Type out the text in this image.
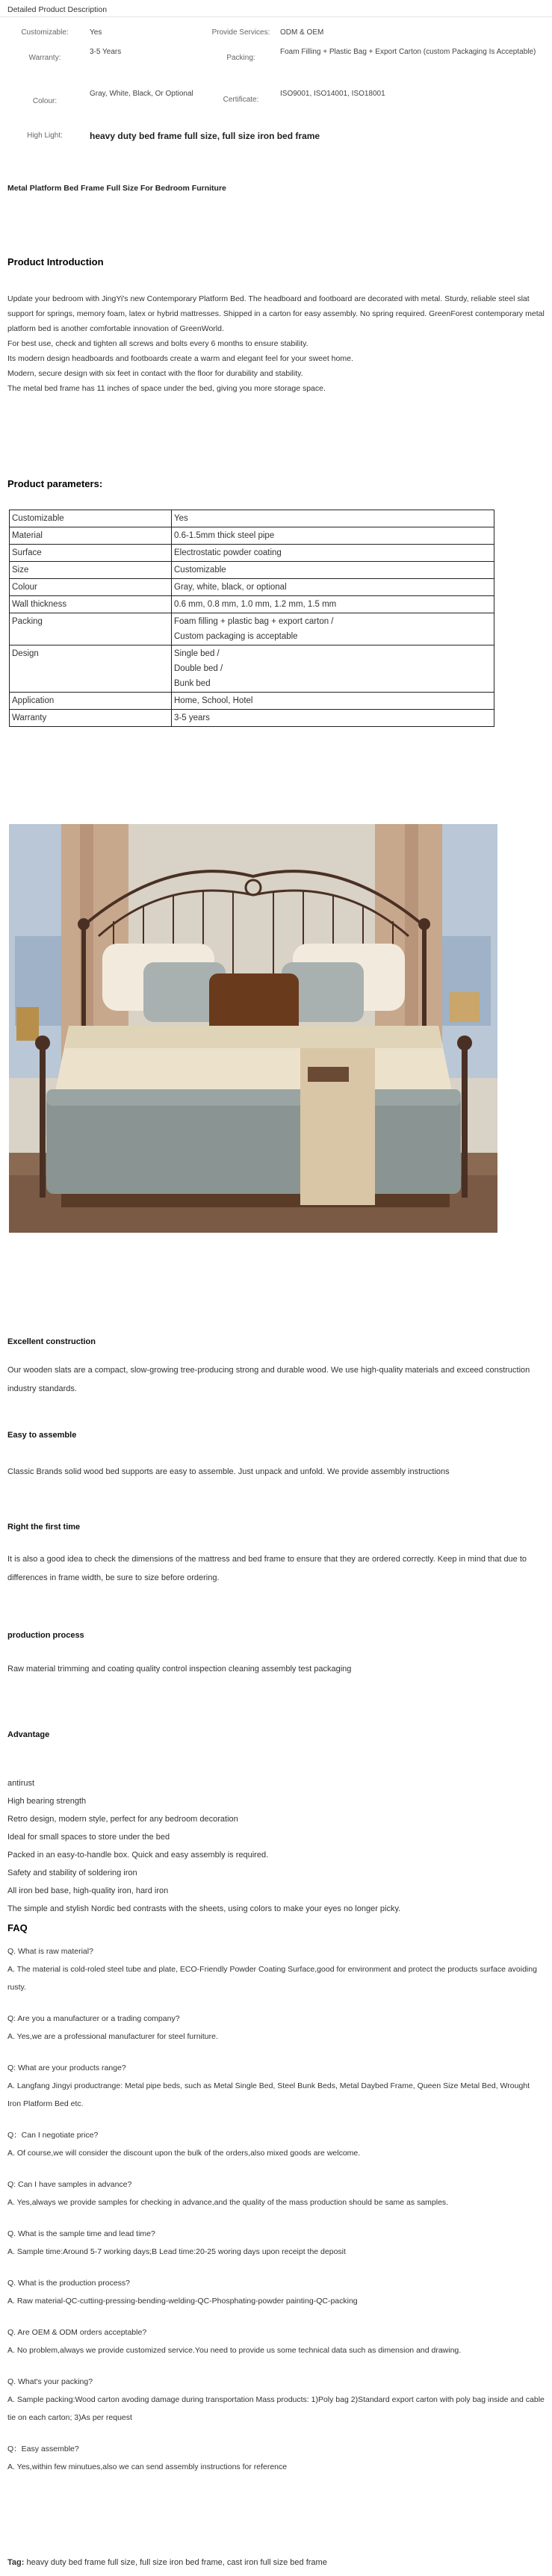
Detailed Product Description
Customizable:	Yes	Provide Services:	ODM & OEM
Warranty:	3-5 Years	Packing:	Foam Filling + Plastic Bag + Export Carton (custom Packaging Is Acceptable)
Colour:	Gray, White, Black, Or Optional	Certificate:	ISO9001, ISO14001, ISO18001
High Light:	heavy duty bed frame full size, full size iron bed frame		
Metal Platform Bed Frame Full Size For Bedroom Furniture
Product Introduction

Update your bedroom with JingYi's new Contemporary Platform Bed. The headboard and footboard are decorated with metal. Sturdy, reliable steel slat support for springs, memory foam, latex or hybrid mattresses. Shipped in a carton for easy assembly. No spring required. GreenForest contemporary metal platform bed is another comfortable innovation of GreenWorld.

For best use, check and tighten all screws and bolts every 6 months to ensure stability.

Its modern design headboards and footboards create a warm and elegant feel for your sweet home.

Modern, secure design with six feet in contact with the floor for durability and stability.

The metal bed frame has 11 inches of space under the bed, giving you more storage space.

Product parameters:
Customizable	Yes
Material	0.6-1.5mm thick steel pipe
Surface	Electrostatic powder coating
Size	Customizable
Colour	Gray, white, black, or optional
Wall thickness	0.6 mm, 0.8 mm, 1.0 mm, 1.2 mm, 1.5 mm
Packing	Foam filling + plastic bag + export carton /
Custom packaging is acceptable

Design	Single bed /
Double bed /
Bunk bed

Application	Home, School, Hotel
Warranty	3-5 years
Excellent construction
Our wooden slats are a compact, slow-growing tree-producing strong and durable wood. We use high-quality materials and exceed construction industry standards.
Easy to assemble
Classic Brands solid wood bed supports are easy to assemble. Just unpack and unfold. We provide assembly instructions
Right the first time
It is also a good idea to check the dimensions of the mattress and bed frame to ensure that they are ordered correctly. Keep in mind that due to differences in frame width, be sure to size before ordering.
production process
Raw material trimming and coating quality control inspection cleaning assembly test packaging
Advantage
antirust
High bearing strength
Retro design, modern style, perfect for any bedroom decoration
Ideal for small spaces to store under the bed
Packed in an easy-to-handle box. Quick and easy assembly is required.
Safety and stability of soldering iron
All iron bed base, high-quality iron, hard iron
The simple and stylish Nordic bed contrasts with the sheets, using colors to make your eyes no longer picky.
FAQ
Q. What is raw material?
A. The material is cold-roled steel tube and plate, ECO-Friendly Powder Coating Surface,good for environment and protect the products surface avoiding rusty.
Q: Are you a manufacturer or a trading company?
A. Yes,we are a professional manufacturer for steel furniture.
Q: What are your products range?
A. Langfang Jingyi productrange: Metal pipe beds, such as Metal Single Bed, Steel Bunk Beds, Metal Daybed Frame, Queen Size Metal Bed, Wrought Iron Platform Bed etc.
Q：Can I negotiate price?
A. Of course,we will consider the discount upon the bulk of the orders,also mixed goods are welcome.
Q: Can I have samples in advance?
A. Yes,always we provide samples for checking in advance,and the quality of the mass production should be same as samples.
Q. What is the sample time and lead time?
A. Sample time:Around 5-7 working days;B Lead time:20-25 woring days upon receipt the deposit
Q. What is the production process?
A. Raw material-QC-cutting-pressing-bending-welding-QC-Phosphating-powder painting-QC-packing
Q. Are OEM & ODM orders acceptable?
A. No problem,always we provide customized service.You need to provide us some technical data such as dimension and drawing.
Q. What's your packing?
A. Sample packing:Wood carton avoding damage during transportation Mass products: 1)Poly bag 2)Standard export carton with poly bag inside and cable tie on each carton; 3)As per request
Q：Easy assemble?
A. Yes,within few minutues,also we can send assembly instructions for reference
Tag: heavy duty bed frame full size, full size iron bed frame, cast iron full size bed frame
